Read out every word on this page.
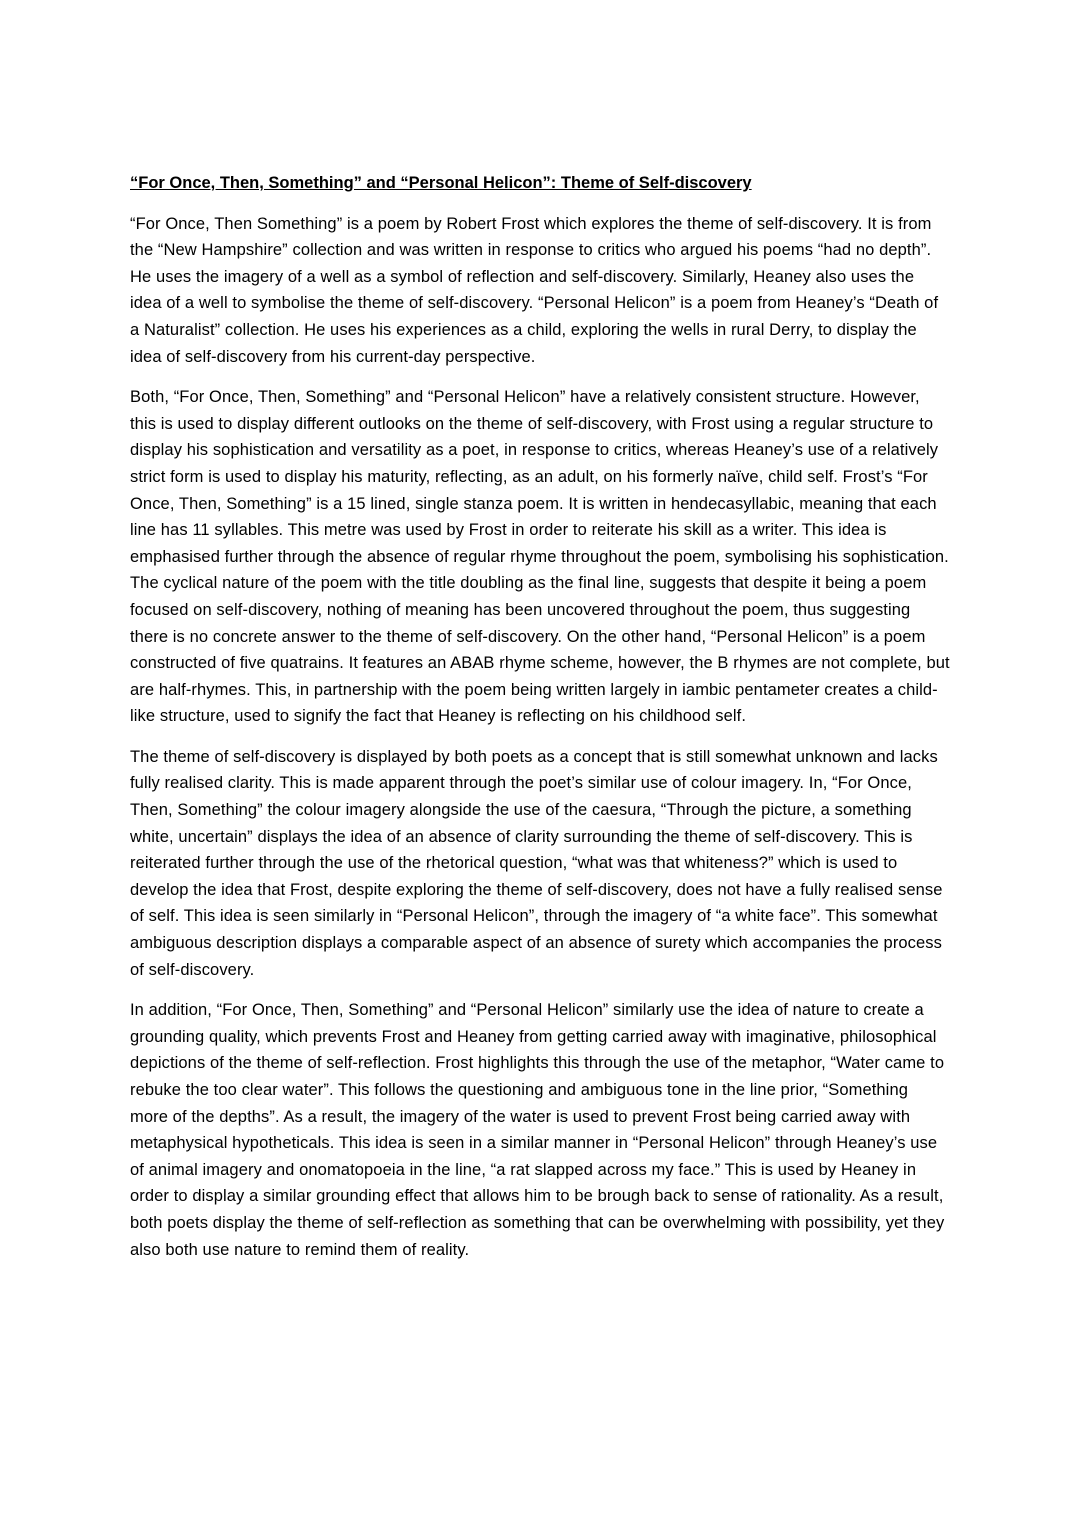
“For Once, Then, Something” and “Personal Helicon”: Theme of Self-discovery

“For Once, Then Something” is a poem by Robert Frost which explores the theme of self-discovery. It is from the “New Hampshire” collection and was written in response to critics who argued his poems “had no depth”. He uses the imagery of a well as a symbol of reflection and self-discovery. Similarly, Heaney also uses the idea of a well to symbolise the theme of self-discovery. “Personal Helicon” is a poem from Heaney’s “Death of a Naturalist” collection. He uses his experiences as a child, exploring the wells in rural Derry, to display the idea of self-discovery from his current-day perspective.

Both, “For Once, Then, Something” and “Personal Helicon” have a relatively consistent structure. However, this is used to display different outlooks on the theme of self-discovery, with Frost using a regular structure to display his sophistication and versatility as a poet, in response to critics, whereas Heaney’s use of a relatively strict form is used to display his maturity, reflecting, as an adult, on his formerly naïve, child self. Frost’s “For Once, Then, Something” is a 15 lined, single stanza poem. It is written in hendecasyllabic, meaning that each line has 11 syllables. This metre was used by Frost in order to reiterate his skill as a writer. This idea is emphasised further through the absence of regular rhyme throughout the poem, symbolising his sophistication. The cyclical nature of the poem with the title doubling as the final line, suggests that despite it being a poem focused on self-discovery, nothing of meaning has been uncovered throughout the poem, thus suggesting there is no concrete answer to the theme of self-discovery. On the other hand, “Personal Helicon” is a poem constructed of five quatrains. It features an ABAB rhyme scheme, however, the B rhymes are not complete, but are half-rhymes. This, in partnership with the poem being written largely in iambic pentameter creates a child-like structure, used to signify the fact that Heaney is reflecting on his childhood self.

The theme of self-discovery is displayed by both poets as a concept that is still somewhat unknown and lacks fully realised clarity. This is made apparent through the poet’s similar use of colour imagery. In, “For Once, Then, Something” the colour imagery alongside the use of the caesura, “Through the picture, a something white, uncertain” displays the idea of an absence of clarity surrounding the theme of self-discovery. This is reiterated further through the use of the rhetorical question, “what was that whiteness?” which is used to develop the idea that Frost, despite exploring the theme of self-discovery, does not have a fully realised sense of self. This idea is seen similarly in “Personal Helicon”, through the imagery of “a white face”. This somewhat ambiguous description displays a comparable aspect of an absence of surety which accompanies the process of self-discovery.

In addition, “For Once, Then, Something” and “Personal Helicon” similarly use the idea of nature to create a grounding quality, which prevents Frost and Heaney from getting carried away with imaginative, philosophical depictions of the theme of self-reflection. Frost highlights this through the use of the metaphor, “Water came to rebuke the too clear water”. This follows the questioning and ambiguous tone in the line prior, “Something more of the depths”. As a result, the imagery of the water is used to prevent Frost being carried away with metaphysical hypotheticals. This idea is seen in a similar manner in “Personal Helicon” through Heaney’s use of animal imagery and onomatopoeia in the line, “a rat slapped across my face.” This is used by Heaney in order to display a similar grounding effect that allows him to be brough back to sense of rationality. As a result, both poets display the theme of self-reflection as something that can be overwhelming with possibility, yet they also both use nature to remind them of reality.
